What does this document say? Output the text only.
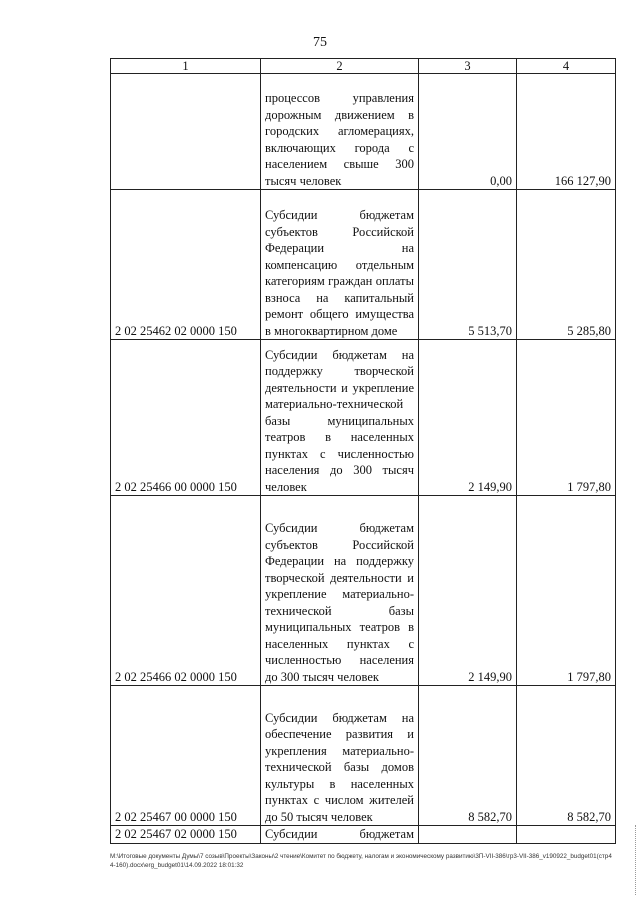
75
1	2	3	4
	процессов управления дорожным движением в городских агломерациях, включающих города с населением свыше 300 тысяч человек	0,00	166 127,90
2 02 25462 02 0000 150	Субсидии бюджетам субъектов Российской Федерации на компенсацию отдельным категориям граждан оплаты взноса на капитальный ремонт общего имущества в многоквартирном доме	5 513,70	5 285,80
2 02 25466 00 0000 150	Субсидии бюджетам на поддержку творческой деятельности и укрепление материально-технической базы муниципальных театров в населенных пунктах с численностью населения до 300 тысяч человек	2 149,90	1 797,80
2 02 25466 02 0000 150	Субсидии бюджетам субъектов Российской Федерации на поддержку творческой деятельности и укрепление материально-технической базы муниципальных театров в населенных пунктах с численностью населения до 300 тысяч человек	2 149,90	1 797,80
2 02 25467 00 0000 150	Субсидии бюджетам на обеспечение развития и укрепления материально-технической базы домов культуры в населенных пунктах с числом жителей до 50 тысяч человек	8 582,70	8 582,70
2 02 25467 02 0000 150	Субсидии бюджетам		
M:\Итоговые документы Думы\7 созыв\Проекты\Законы\2 чтение\Комитет по бюджету, налогам и экономическому развитию\3П-VII-386\гр3-VII-386_v190922_budget01(стр44-160).docx\erg_budget01\14.09.2022 18:01:32
